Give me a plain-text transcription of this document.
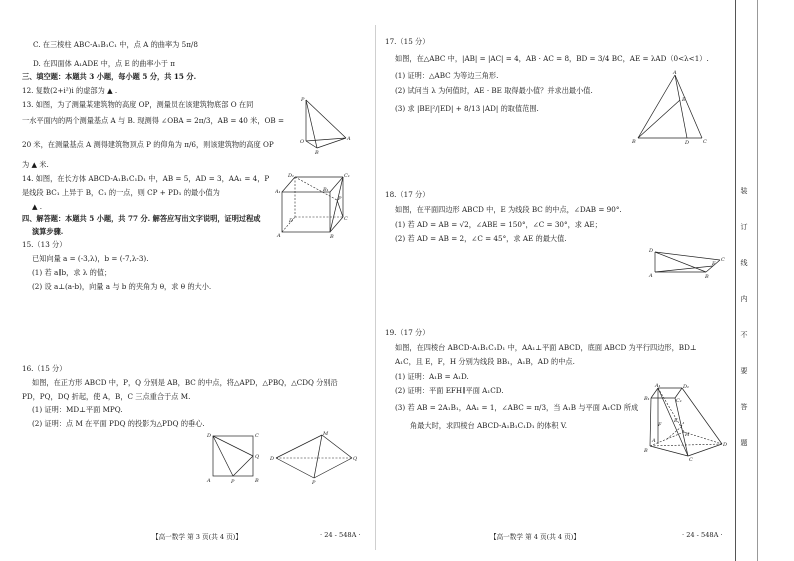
C. 在三棱柱 ABC-A₁B₁C₁ 中，点 A 的曲率为 5π/8
D. 在四面体 A₁ADE 中，点 E 的曲率小于 π
三、填空题：本题共 3 小题，每小题 5 分，共 15 分.
12. 复数(2+i²)i 的虚部为 ▲ .
13. 如图，为了测量某建筑物的高度 OP，测量员在该建筑物底部 O 在同
一水平面内的两个测量基点 A 与 B. 现测得 ∠OBA = 2π/3，AB = 40 米，OB =
20 米，在测量基点 A 测得建筑物顶点 P 的仰角为 π/6，则该建筑物的高度 OP
为 ▲ 米.
14. 如图，在长方体 ABCD-A₁B₁C₁D₁ 中，AB = 5，AD = 3，AA₁ = 4，P
是线段 BC₁ 上异于 B，C₁ 的一点，则 CP + PD₁ 的最小值为
▲ .
四、解答题：本题共 5 小题，共 77 分. 解答应写出文字说明，证明过程或
演算步骤.
15.（13 分）
已知向量 a = (-3,λ)，b = (-7,λ-3).
(1) 若 a∥b，求 λ 的值；
(2) 设 a⊥(a-b)，向量 a 与 b 的夹角为 θ，求 θ 的大小.
16.（15 分）
如图，在正方形 ABCD 中，P，Q 分别是 AB，BC 的中点，将△APD，△PBQ，△CDQ 分别沿
PD，PQ，DQ 折起，使 A，B，C 三点重合于点 M.
(1) 证明：MD⊥平面 MPQ.
(2) 证明：点 M 在平面 PDQ 的投影为△PDQ 的垂心.
17.（15 分）
如图，在△ABC 中，|AB| = |AC| = 4，AB · AC = 8，BD = 3/4 BC，AE = λAD（0<λ<1）.
(1) 证明：△ABC 为等边三角形.
(2) 试问当 λ 为何值时，AE · BE 取得最小值？并求出最小值.
(3) 求 |BE|²/|ED| + 8/13 |AD| 的取值范围.
18.（17 分）
如图，在平面四边形 ABCD 中，E 为线段 BC 的中点，∠DAB = 90°.
(1) 若 AD = AB = √2，∠ABE = 150°，∠C = 30°，求 AE；
(2) 若 AD = AB = 2，∠C = 45°，求 AE 的最大值.
19.（17 分）
如图，在四棱台 ABCD-A₁B₁C₁D₁ 中，AA₁⊥平面 ABCD，底面 ABCD 为平行四边形，BD⊥
A₁C，且 E，F，H 分别为线段 BB₁，A₁B，AD 的中点.
(1) 证明：A₁B = A₁D.
(2) 证明：平面 EFH∥平面 A₁CD.
(3) 若 AB = 2A₁B₁，AA₁ = 1，∠ABC = π/3，当 A₁B 与平面 A₁CD 所成
角最大时，求四棱台 ABCD-A₁B₁C₁D₁ 的体积 V.
P
O	A
B
D₁	C₁
A₁	B₁
P
D	C
A	B
D	C
Q
A	P	B
M
D	Q
P
A
E
B	D	C
D
C
A
E
B
A₁	D₁
B₁	C₁
F
E
H
A
D
B
C
【高一数学 第 3 页(共 4 页)】	· 24 - 548A ·	【高一数学 第 4 页(共 4 页)】	· 24 - 548A ·
装
订
线
内
不
要
答
题
